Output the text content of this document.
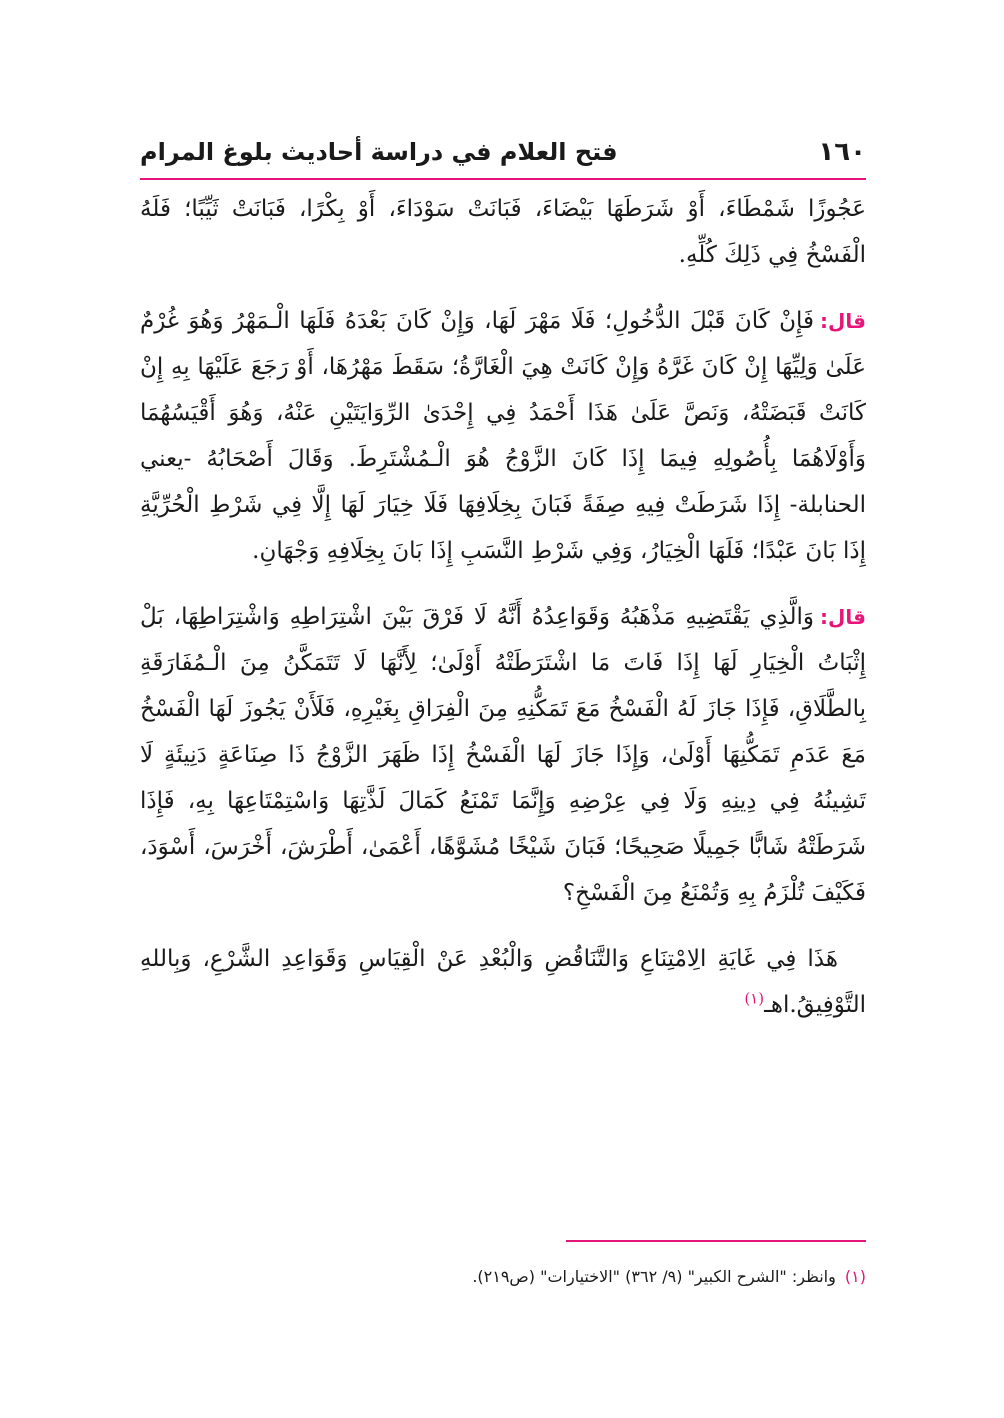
١٦٠
فتح العلام في دراسة أحاديث بلوغ المرام

عَجُوزًا شَمْطَاءَ، أَوْ شَرَطَهَا بَيْضَاءَ، فَبَانَتْ سَوْدَاءَ، أَوْ بِكْرًا، فَبَانَتْ ثَيِّبًا؛ فَلَهُ الْفَسْخُ فِي ذَلِكَ كُلِّهِ.

قال:فَإِنْ كَانَ قَبْلَ الدُّخُولِ؛ فَلَا مَهْرَ لَهَا، وَإِنْ كَانَ بَعْدَهُ فَلَهَا الْـمَهْرُ وَهُوَ غُرْمٌ عَلَىٰ وَلِيِّهَا إِنْ كَانَ غَرَّهُ وَإِنْ كَانَتْ هِيَ الْغَارَّةُ؛ سَقَطَ مَهْرُهَا، أَوْ رَجَعَ عَلَيْهَا بِهِ إِنْ كَانَتْ قَبَضَتْهُ، وَنَصَّ عَلَىٰ هَذَا أَحْمَدُ فِي إِحْدَىٰ الرِّوَايَتَيْنِ عَنْهُ، وَهُوَ أَقْيَسُهُمَا وَأَوْلَاهُمَا بِأُصُولِهِ فِيمَا إِذَا كَانَ الزَّوْجُ هُوَ الْـمُشْتَرِطَ. وَقَالَ أَصْحَابُهُ -يعني الحنابلة- إِذَا شَرَطَتْ فِيهِ صِفَةً فَبَانَ بِخِلَافِهَا فَلَا خِيَارَ لَهَا إِلَّا فِي شَرْطِ الْحُرِّيَّةِ إِذَا بَانَ عَبْدًا؛ فَلَهَا الْخِيَارُ، وَفِي شَرْطِ النَّسَبِ إِذَا بَانَ بِخِلَافِهِ وَجْهَانِ.

قال:وَالَّذِي يَقْتَضِيهِ مَذْهَبُهُ وَقَوَاعِدُهُ أَنَّهُ لَا فَرْقَ بَيْنَ اشْتِرَاطِهِ وَاشْتِرَاطِهَا، بَلْ إِثْبَاتُ الْخِيَارِ لَهَا إِذَا فَاتَ مَا اشْتَرَطَتْهُ أَوْلَىٰ؛ لِأَنَّهَا لَا تَتَمَكَّنُ مِنَ الْـمُفَارَقَةِ بِالطَّلَاقِ، فَإِذَا جَازَ لَهُ الْفَسْخُ مَعَ تَمَكُّنِهِ مِنَ الْفِرَاقِ بِغَيْرِهِ، فَلَأَنْ يَجُوزَ لَهَا الْفَسْخُ مَعَ عَدَمِ تَمَكُّنِهَا أَوْلَىٰ، وَإِذَا جَازَ لَهَا الْفَسْخُ إِذَا ظَهَرَ الزَّوْجُ ذَا صِنَاعَةٍ دَنِيئَةٍ لَا تَشِينُهُ فِي دِينِهِ وَلَا فِي عِرْضِهِ وَإِنَّمَا تَمْنَعُ كَمَالَ لَذَّتِهَا وَاسْتِمْتَاعِهَا بِهِ، فَإِذَا شَرَطَتْهُ شَابًّا جَمِيلًا صَحِيحًا؛ فَبَانَ شَيْخًا مُشَوَّهًا، أَعْمَىٰ، أَطْرَشَ، أَخْرَسَ، أَسْوَدَ، فَكَيْفَ تُلْزَمُ بِهِ وَتُمْنَعُ مِنَ الْفَسْخِ؟

هَذَا فِي غَايَةِ الِامْتِنَاعِ وَالتَّنَاقُضِ وَالْبُعْدِ عَنْ الْقِيَاسِ وَقَوَاعِدِ الشَّرْعِ، وَبِاللهِ التَّوْفِيقُ.اهـ$^{(١)}$

(١) وانظر: "الشرح الكبير" (٩/ ٣٦٢) "الاختيارات" (ص٢١٩).
